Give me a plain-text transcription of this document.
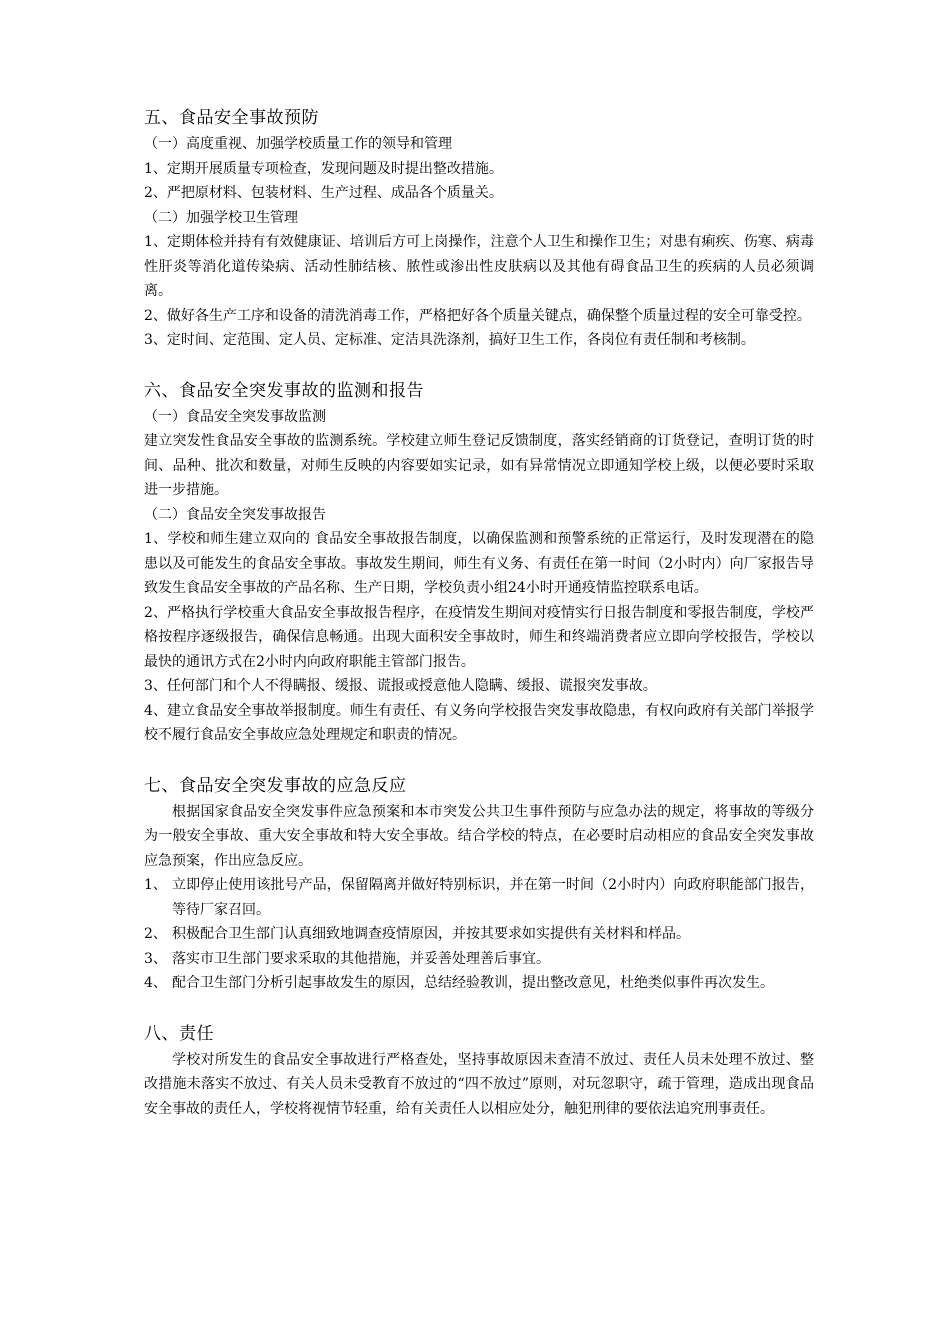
五、食品安全事故预防

（一）高度重视、加强学校质量工作的领导和管理

1、定期开展质量专项检查，发现问题及时提出整改措施。

2、严把原材料、包装材料、生产过程、成品各个质量关。

（二）加强学校卫生管理

1、定期体检并持有有效健康证、培训后方可上岗操作，注意个人卫生和操作卫生；对患有痢疾、伤寒、病毒性肝炎等消化道传染病、活动性肺结核、脓性或渗出性皮肤病以及其他有碍食品卫生的疾病的人员必须调离。

2、做好各生产工序和设备的清洗消毒工作，严格把好各个质量关键点，确保整个质量过程的安全可靠受控。

3、定时间、定范围、定人员、定标准、定洁具洗涤剂，搞好卫生工作，各岗位有责任制和考核制。

六、食品安全突发事故的监测和报告

（一）食品安全突发事故监测

建立突发性食品安全事故的监测系统。学校建立师生登记反馈制度，落实经销商的订货登记，查明订货的时间、品种、批次和数量，对师生反映的内容要如实记录，如有异常情况立即通知学校上级，以便必要时采取进一步措施。

（二）食品安全突发事故报告

1、学校和师生建立双向的 食品安全事故报告制度，以确保监测和预警系统的正常运行，及时发现潜在的隐患以及可能发生的食品安全事故。事故发生期间，师生有义务、有责任在第一时间（2小时内）向厂家报告导致发生食品安全事故的产品名称、生产日期，学校负责小组24小时开通疫情监控联系电话。

2、严格执行学校重大食品安全事故报告程序，在疫情发生期间对疫情实行日报告制度和零报告制度，学校严格按程序逐级报告，确保信息畅通。出现大面积安全事故时，师生和终端消费者应立即向学校报告，学校以最快的通讯方式在2小时内向政府职能主管部门报告。

3、任何部门和个人不得瞒报、缓报、谎报或授意他人隐瞒、缓报、谎报突发事故。

4、建立食品安全事故举报制度。师生有责任、有义务向学校报告突发事故隐患，有权向政府有关部门举报学校不履行食品安全事故应急处理规定和职责的情况。

七、食品安全突发事故的应急反应

根据国家食品安全突发事件应急预案和本市突发公共卫生事件预防与应急办法的规定，将事故的等级分为一般安全事故、重大安全事故和特大安全事故。结合学校的特点，在必要时启动相应的食品安全突发事故应急预案，作出应急反应。

1、 立即停止使用该批号产品，保留隔离并做好特别标识，并在第一时间（2小时内）向政府职能部门报告，等待厂家召回。
2、 积极配合卫生部门认真细致地调查疫情原因，并按其要求如实提供有关材料和样品。
3、 落实市卫生部门要求采取的其他措施，并妥善处理善后事宜。
4、 配合卫生部门分析引起事故发生的原因，总结经验教训，提出整改意见，杜绝类似事件再次发生。
八、责任

学校对所发生的食品安全事故进行严格查处，坚持事故原因未查清不放过、责任人员未处理不放过、整改措施未落实不放过、有关人员未受教育不放过的“四不放过”原则，对玩忽职守，疏于管理，造成出现食品安全事故的责任人，学校将视情节轻重，给有关责任人以相应处分，触犯刑律的要依法追究刑事责任。
